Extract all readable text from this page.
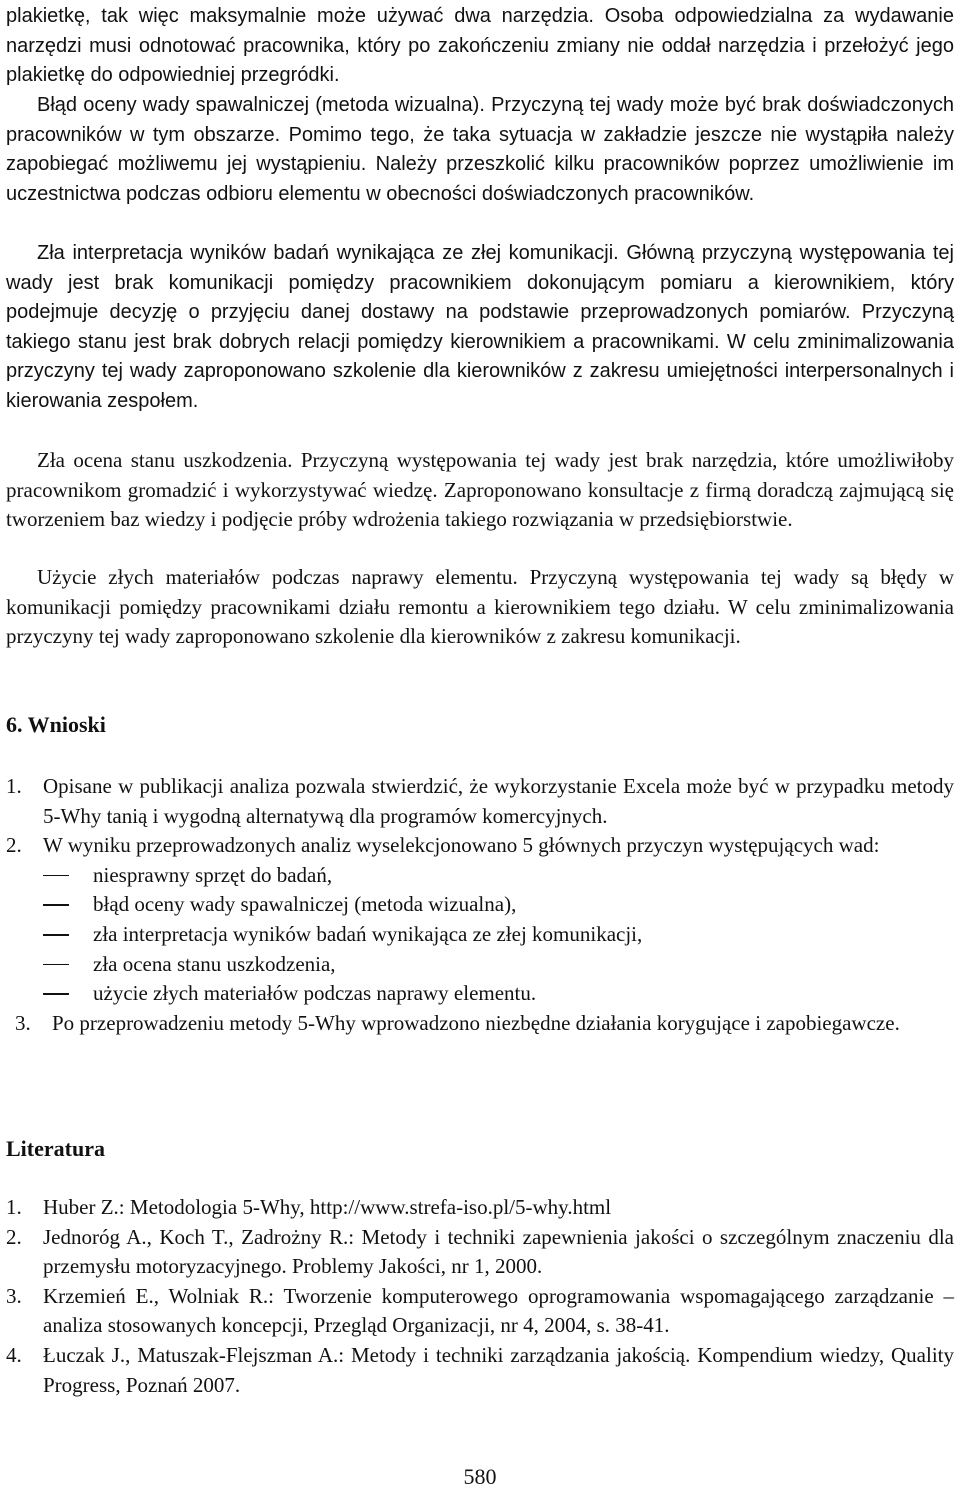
plakietkę, tak więc maksymalnie może używać dwa narzędzia. Osoba odpowiedzialna za wydawanie narzędzi musi odnotować pracownika, który po zakończeniu zmiany nie oddał narzędzia i przełożyć jego plakietkę do odpowiedniej przegródki.

Błąd oceny wady spawalniczej (metoda wizualna). Przyczyną tej wady może być brak doświadczonych pracowników w tym obszarze. Pomimo tego, że taka sytuacja w zakładzie jeszcze nie wystąpiła należy zapobiegać możliwemu jej wystąpieniu. Należy przeszkolić kilku pracowników poprzez umożliwienie im uczestnictwa podczas odbioru elementu w obecności doświadczonych pracowników.

Zła interpretacja wyników badań wynikająca ze złej komunikacji. Główną przyczyną występowania tej wady jest brak komunikacji pomiędzy pracownikiem dokonującym pomiaru a kierownikiem, który podejmuje decyzję o przyjęciu danej dostawy na podstawie przeprowadzonych pomiarów. Przyczyną takiego stanu jest brak dobrych relacji pomiędzy kierownikiem a pracownikami. W celu zminimalizowania przyczyny tej wady zaproponowano szkolenie dla kierowników z zakresu umiejętności interpersonalnych i kierowania zespołem.

Zła ocena stanu uszkodzenia. Przyczyną występowania tej wady jest brak narzędzia, które umożliwiłoby pracownikom gromadzić i wykorzystywać wiedzę. Zaproponowano konsultacje z firmą doradczą zajmującą się tworzeniem baz wiedzy i podjęcie próby wdrożenia takiego rozwiązania w przedsiębiorstwie.

Użycie złych materiałów podczas naprawy elementu. Przyczyną występowania tej wady są błędy w komunikacji pomiędzy pracownikami działu remontu a kierownikiem tego działu. W celu zminimalizowania przyczyny tej wady zaproponowano szkolenie dla kierowników z zakresu komunikacji.

6. Wnioski
1. Opisane w publikacji analiza pozwala stwierdzić, że wykorzystanie Excela może być w przypadku metody 5-Why tanią i wygodną alternatywą dla programów komercyjnych.
2. W wyniku przeprowadzonych analiz wyselekcjonowano 5 głównych przyczyn występujących wad:
niesprawny sprzęt do badań,
błąd oceny wady spawalniczej (metoda wizualna),
zła interpretacja wyników badań wynikająca ze złej komunikacji,
zła ocena stanu uszkodzenia,
użycie złych materiałów podczas naprawy elementu.
3. Po przeprowadzeniu metody 5-Why wprowadzono niezbędne działania korygujące i zapobiegawcze.
Literatura
1. Huber Z.: Metodologia 5-Why, http://www.strefa-iso.pl/5-why.html
2. Jednoróg A., Koch T., Zadrożny R.: Metody i techniki zapewnienia jakości o szczególnym znaczeniu dla przemysłu motoryzacyjnego. Problemy Jakości, nr 1, 2000.
3. Krzemień E., Wolniak R.: Tworzenie komputerowego oprogramowania wspomagającego zarządzanie – analiza stosowanych koncepcji, Przegląd Organizacji, nr 4, 2004, s. 38-41.
4. Łuczak J., Matuszak-Flejszman A.: Metody i techniki zarządzania jakością. Kompendium wiedzy, Quality Progress, Poznań 2007.
580
